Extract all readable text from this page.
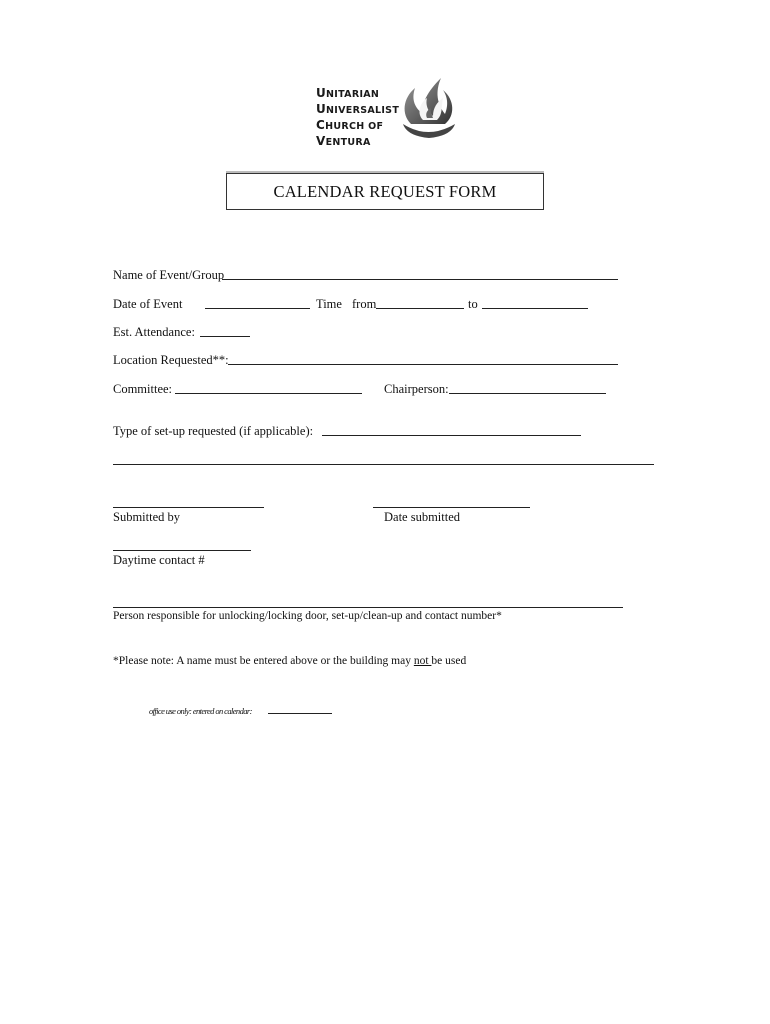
UNITARIAN
UNIVERSALIST
CHURCH OF
VENTURA
CALENDAR REQUEST FORM
Name of Event/Group
Date of Event	Time from	to
Est. Attendance:
Location Requested**:
Committee:	Chairperson:
Type of set-up requested (if applicable):
Submitted by	Date submitted
Daytime contact #
Person responsible for unlocking/locking door, set-up/clean-up and contact number*
*Please note: A name must be entered above or the building may not be used
office use only: entered on calendar:
